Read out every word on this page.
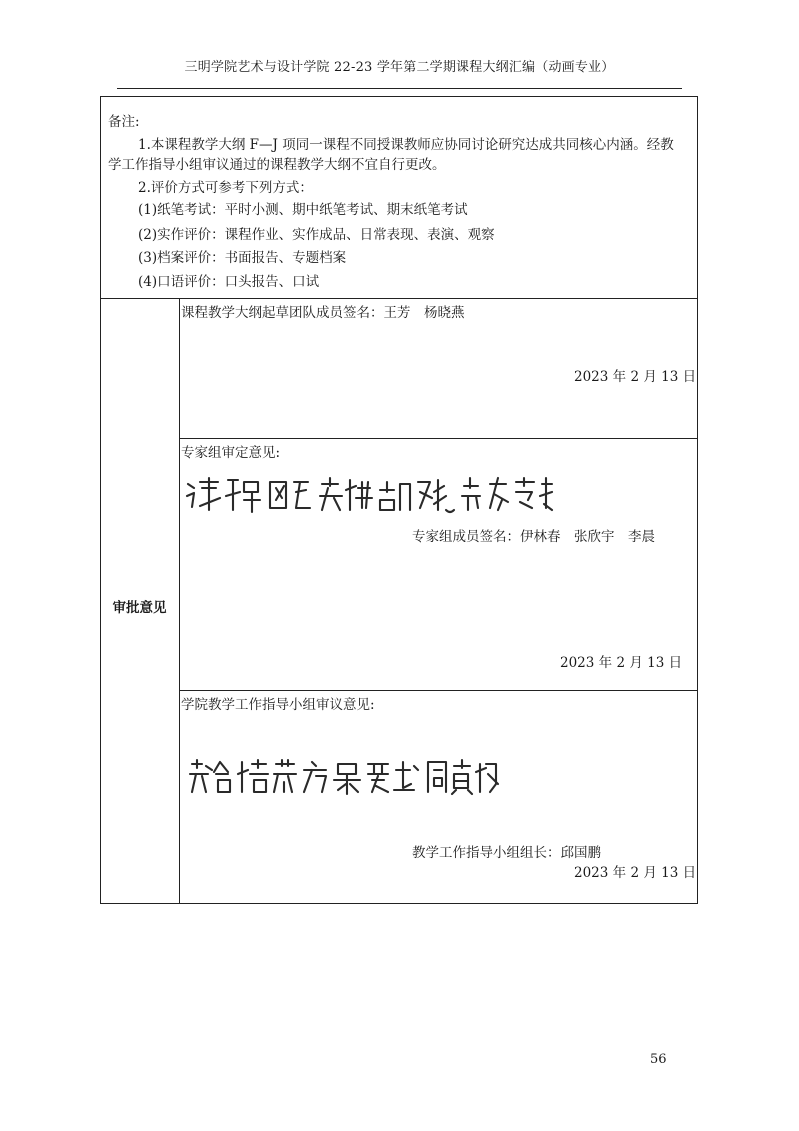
三明学院艺术与设计学院 22-23 学年第二学期课程大纲汇编（动画专业）
备注:
1.本课程教学大纲 F—J 项同一课程不同授课教师应协同讨论研究达成共同核心内涵。经教
学工作指导小组审议通过的课程教学大纲不宜自行更改。
2.评价方式可参考下列方式：
(1)纸笔考试：平时小测、期中纸笔考试、期末纸笔考试
(2)实作评价：课程作业、实作成品、日常表现、表演、观察
(3)档案评价：书面报告、专题档案
(4)口语评价：口头报告、口试
审批意见
课程教学大纲起草团队成员签名：王芳　杨晓燕
2023 年 2 月 13 日
专家组审定意见:
专家组成员签名：伊林春　张欣宇　李晨
2023 年 2 月 13 日
学院教学工作指导小组审议意见:
教学工作指导小组组长：邱国鹏
2023 年 2 月 13 日
56
